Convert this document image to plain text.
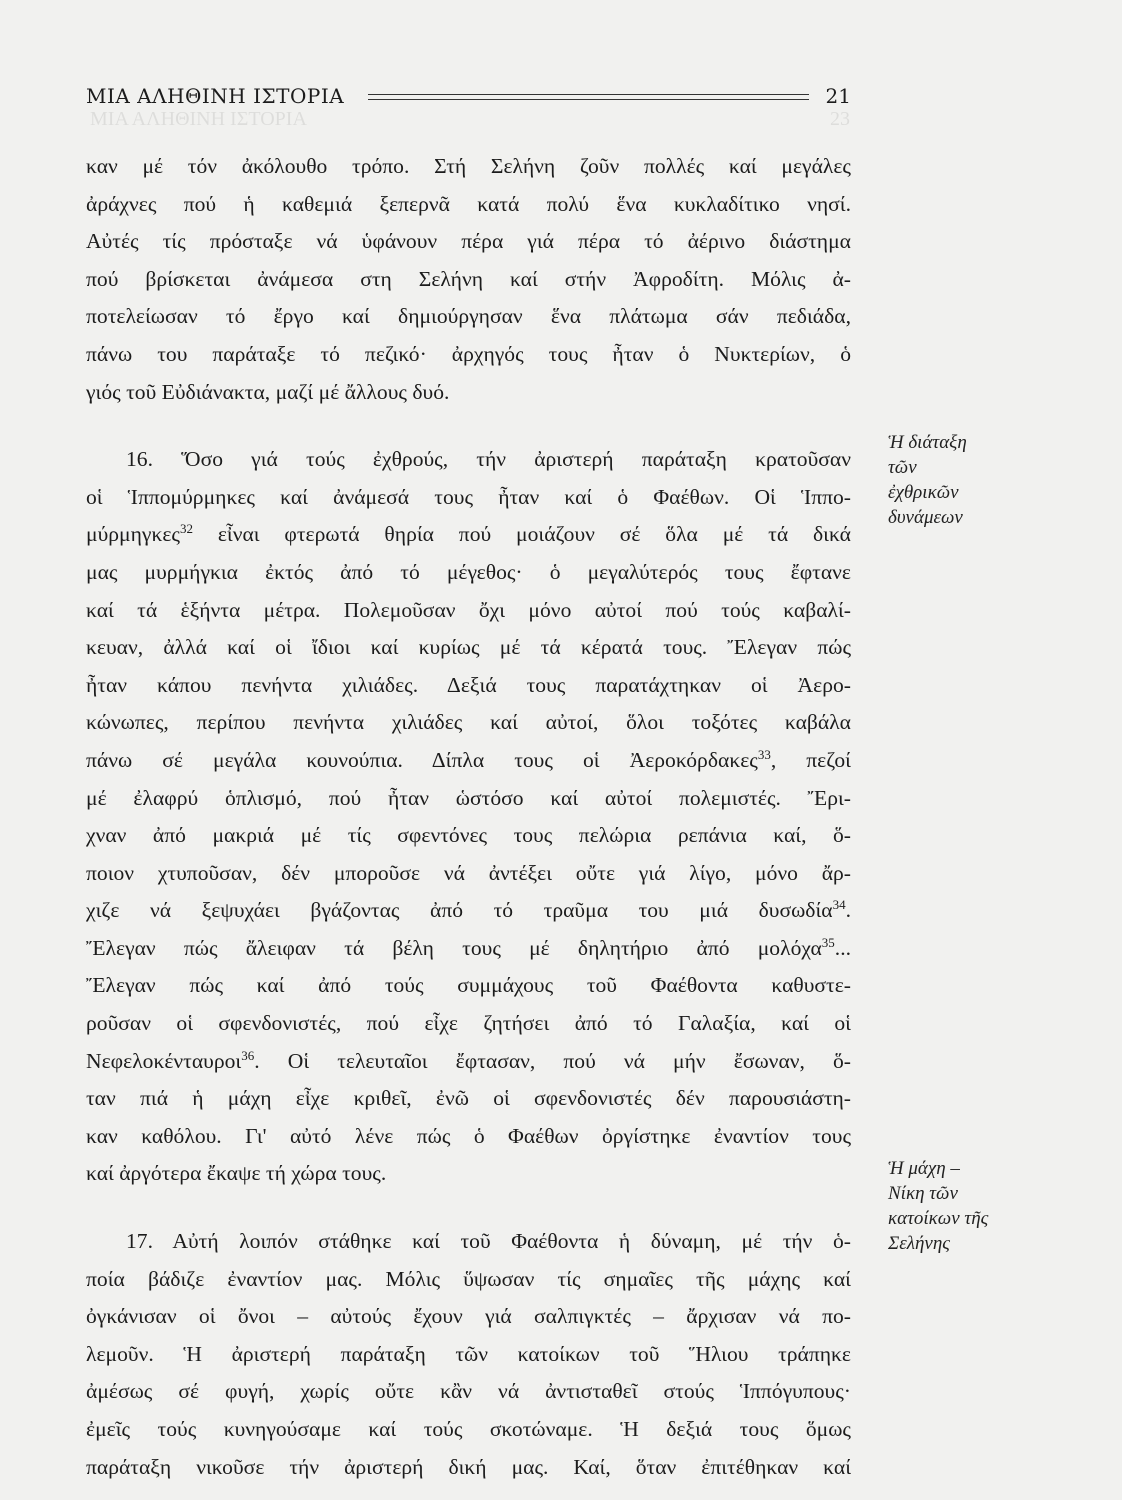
ΜΙΑ ΑΛΗΘΙΝΗ ΙΣΤΟΡΙΑ	23
ΜΙΑ ΑΛΗΘΙΝΗ ΙΣΤΟΡΙΑ	21
καν μέ τόν ἀκόλουθο τρόπο. Στή Σελήνη ζοῦν πολλές καί μεγάλες
ἀράχνες πού ἡ καθεμιά ξεπερνᾶ κατά πολύ ἕνα κυκλαδίτικο νησί.
Αὐτές τίς πρόσταξε νά ὑφάνουν πέρα γιά πέρα τό ἀέρινο διάστημα
πού βρίσκεται ἀνάμεσα στη Σελήνη καί στήν Ἀφροδίτη. Μόλις ἀ-
ποτελείωσαν τό ἔργο καί δημιούργησαν ἕνα πλάτωμα σάν πεδιάδα,
πάνω του παράταξε τό πεζικό· ἀρχηγός τους ἦταν ὁ Νυκτερίων, ὁ
γιός τοῦ Εὐδιάνακτα, μαζί μέ ἄλλους δυό.
16. Ὅσο γιά τούς ἐχθρούς, τήν ἀριστερή παράταξη κρατοῦσαν
οἱ Ἱππομύρμηκες καί ἀνάμεσά τους ἦταν καί ὁ Φαέθων. Οἱ Ἱππο-
μύρμηγκες$^{32}$ εἶναι φτερωτά θηρία πού μοιάζουν σέ ὅλα μέ τά δικά
μας μυρμήγκια ἐκτός ἀπό τό μέγεθος· ὁ μεγαλύτερός τους ἔφτανε
καί τά ἑξήντα μέτρα. Πολεμοῦσαν ὄχι μόνο αὐτοί πού τούς καβαλί-
κευαν, ἀλλά καί οἱ ἴδιοι καί κυρίως μέ τά κέρατά τους. Ἔλεγαν πώς
ἦταν κάπου πενήντα χιλιάδες. Δεξιά τους παρατάχτηκαν οἱ Ἀερο-
κώνωπες, περίπου πενήντα χιλιάδες καί αὐτοί, ὅλοι τοξότες καβάλα
πάνω σέ μεγάλα κουνούπια. Δίπλα τους οἱ Ἀεροκόρδακες$^{33}$, πεζοί
μέ ἐλαφρύ ὁπλισμό, πού ἦταν ὡστόσο καί αὐτοί πολεμιστές. Ἔρι-
χναν ἀπό μακριά μέ τίς σφεντόνες τους πελώρια ρεπάνια καί, ὅ-
ποιον χτυποῦσαν, δέν μποροῦσε νά ἀντέξει οὔτε γιά λίγο, μόνο ἄρ-
χιζε νά ξεψυχάει βγάζοντας ἀπό τό τραῦμα του μιά δυσωδία$^{34}$.
Ἔλεγαν πώς ἄλειφαν τά βέλη τους μέ δηλητήριο ἀπό μολόχα$^{35}$...
Ἔλεγαν πώς καί ἀπό τούς συμμάχους τοῦ Φαέθοντα καθυστε-
ροῦσαν οἱ σφενδονιστές, πού εἶχε ζητήσει ἀπό τό Γαλαξία, καί οἱ
Νεφελοκένταυροι$^{36}$. Οἱ τελευταῖοι ἔφτασαν, πού νά μήν ἔσωναν, ὅ-
ταν πιά ἡ μάχη εἶχε κριθεῖ, ἐνῶ οἱ σφενδονιστές δέν παρουσιάστη-
καν καθόλου. Γι' αὐτό λένε πώς ὁ Φαέθων ὀργίστηκε ἐναντίον τους
καί ἀργότερα ἔκαψε τή χώρα τους.
17. Αὐτή λοιπόν στάθηκε καί τοῦ Φαέθοντα ἡ δύναμη, μέ τήν ὁ-
ποία βάδιζε ἐναντίον μας. Μόλις ὕψωσαν τίς σημαῖες τῆς μάχης καί
ὀγκάνισαν οἱ ὄνοι – αὐτούς ἔχουν γιά σαλπιγκτές – ἄρχισαν νά πο-
λεμοῦν. Ἡ ἀριστερή παράταξη τῶν κατοίκων τοῦ Ἥλιου τράπηκε
ἀμέσως σέ φυγή, χωρίς οὔτε κἂν νά ἀντισταθεῖ στούς Ἱππόγυπους·
ἐμεῖς τούς κυνηγούσαμε καί τούς σκοτώναμε. Ἡ δεξιά τους ὅμως
παράταξη νικοῦσε τήν ἀριστερή δική μας. Καί, ὅταν ἐπιτέθηκαν καί
Ἡ διάταξη
τῶν
ἐχθρικῶν
δυνάμεων
Ἡ μάχη –
Νίκη τῶν
κατοίκων τῆς
Σελήνης
